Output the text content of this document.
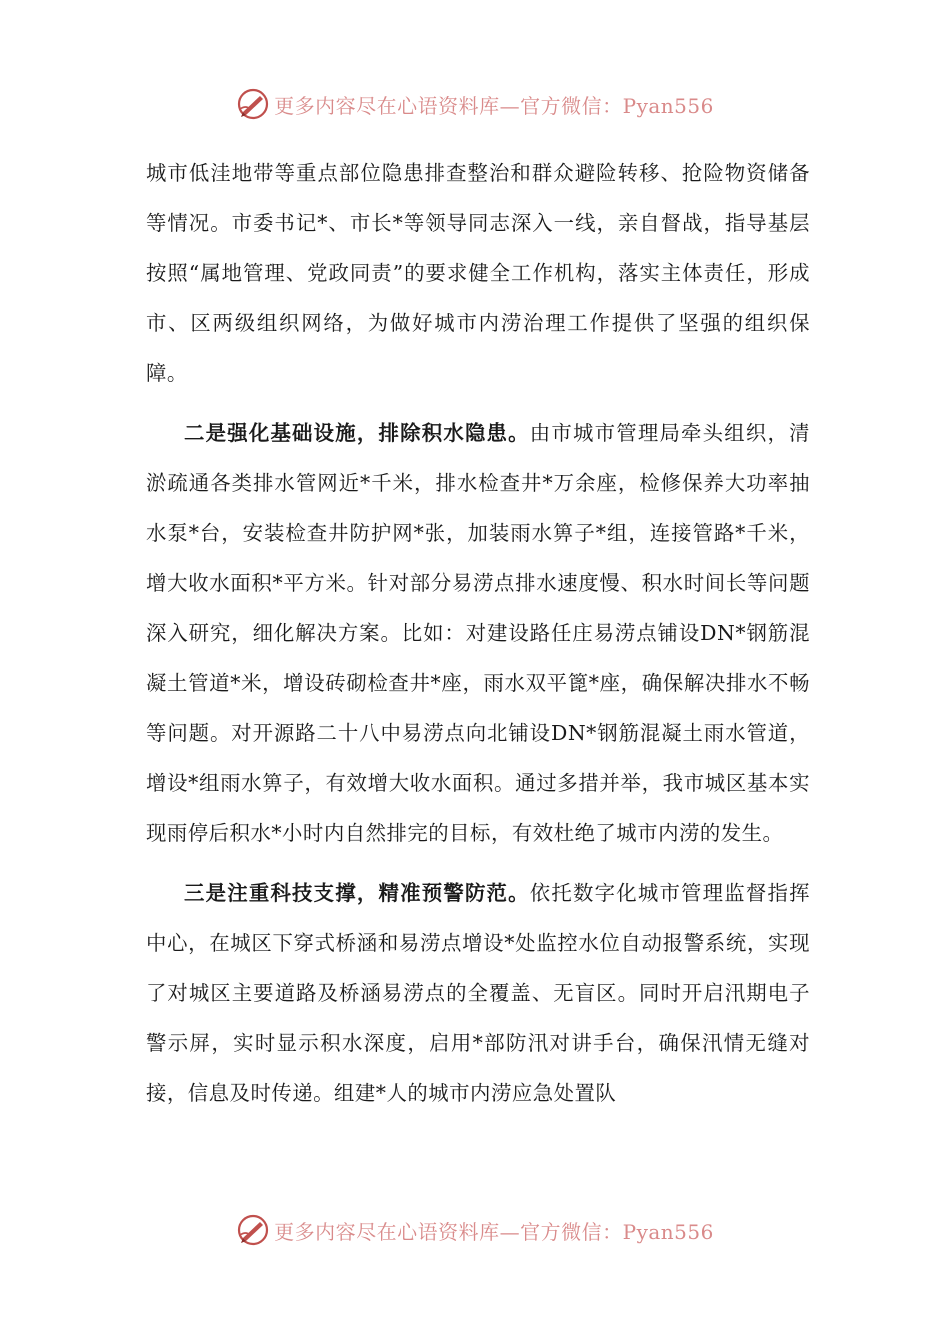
更多内容尽在心语资料库—官方微信：Pyan556

城市低洼地带等重点部位隐患排查整治和群众避险转移、抢险物资储备等情况。市委书记*、市长*等领导同志深入一线，亲自督战，指导基层按照“属地管理、党政同责”的要求健全工作机构，落实主体责任，形成市、区两级组织网络，为做好城市内涝治理工作提供了坚强的组织保障。

二是强化基础设施，排除积水隐患。由市城市管理局牵头组织，清淤疏通各类排水管网近*千米，排水检查井*万余座，检修保养大功率抽水泵*台，安装检查井防护网*张，加装雨水箅子*组，连接管路*千米，增大收水面积*平方米。针对部分易涝点排水速度慢、积水时间长等问题深入研究，细化解决方案。比如：对建设路任庄易涝点铺设DN*钢筋混凝土管道*米，增设砖砌检查井*座，雨水双平篦*座，确保解决排水不畅等问题。对开源路二十八中易涝点向北铺设DN*钢筋混凝土雨水管道，增设*组雨水箅子，有效增大收水面积。通过多措并举，我市城区基本实现雨停后积水*小时内自然排完的目标，有效杜绝了城市内涝的发生。

三是注重科技支撑，精准预警防范。依托数字化城市管理监督指挥中心，在城区下穿式桥涵和易涝点增设*处监控水位自动报警系统，实现了对城区主要道路及桥涵易涝点的全覆盖、无盲区。同时开启汛期电子警示屏，实时显示积水深度，启用*部防汛对讲手台，确保汛情无缝对接，信息及时传递。组建*人的城市内涝应急处置队

更多内容尽在心语资料库—官方微信：Pyan556
